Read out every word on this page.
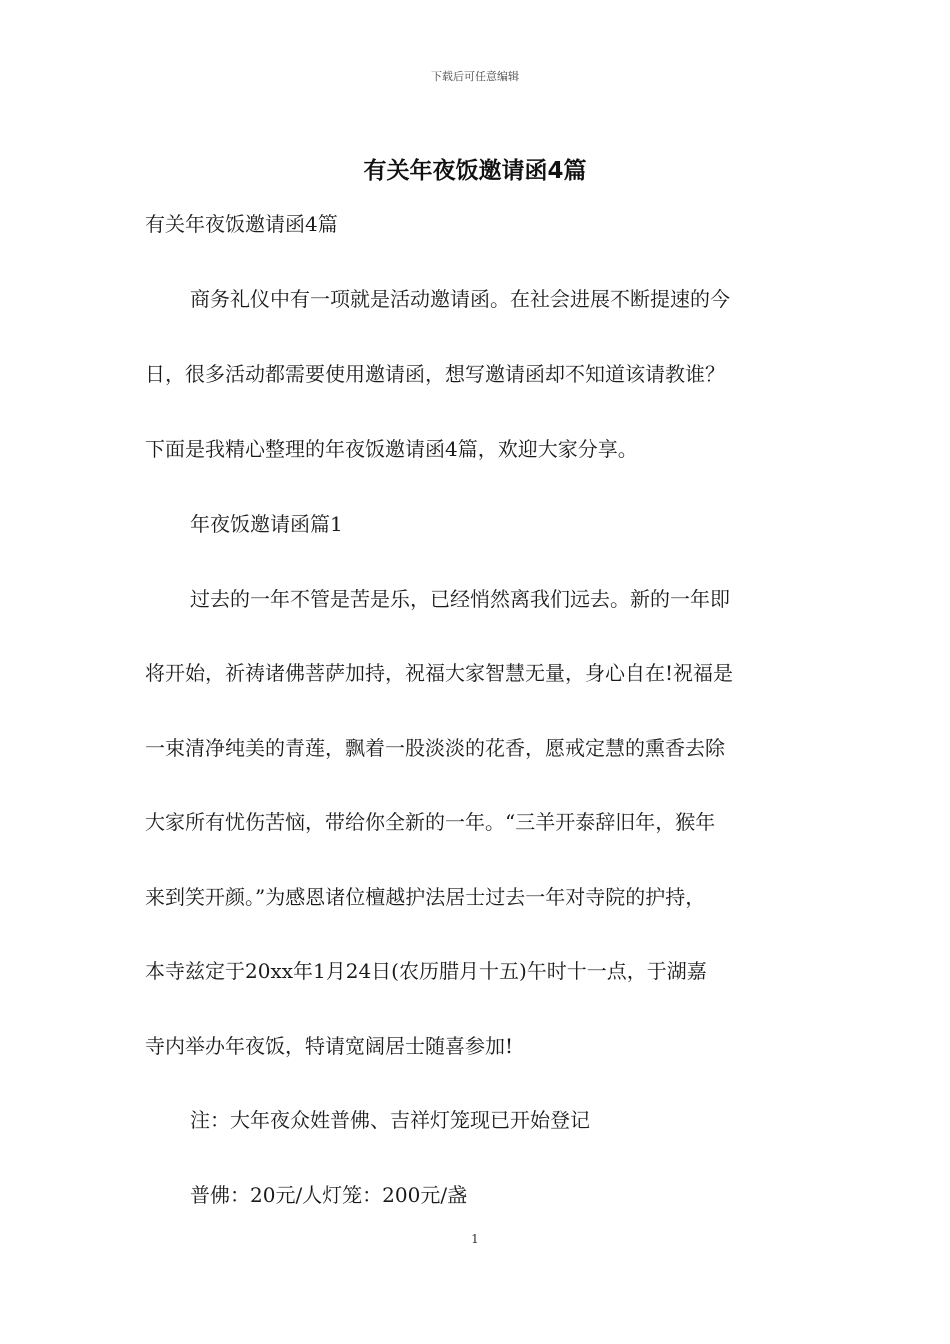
下载后可任意编辑
有关年夜饭邀请函4篇
有关年夜饭邀请函4篇
商务礼仪中有一项就是活动邀请函。在社会进展不断提速的今
日，很多活动都需要使用邀请函，想写邀请函却不知道该请教谁？
下面是我精心整理的年夜饭邀请函4篇，欢迎大家分享。
年夜饭邀请函篇1
过去的一年不管是苦是乐，已经悄然离我们远去。新的一年即
将开始，祈祷诸佛菩萨加持，祝福大家智慧无量，身心自在!祝福是
一束清净纯美的青莲，飘着一股淡淡的花香，愿戒定慧的熏香去除
大家所有忧伤苦恼，带给你全新的一年。“三羊开泰辞旧年，猴年
来到笑开颜。”为感恩诸位檀越护法居士过去一年对寺院的护持，
本寺兹定于20xx年1月24日(农历腊月十五)午时十一点，于湖嘉
寺内举办年夜饭，特请宽阔居士随喜参加!
注：大年夜众姓普佛、吉祥灯笼现已开始登记
普佛：20元/人灯笼：200元/盏
1
